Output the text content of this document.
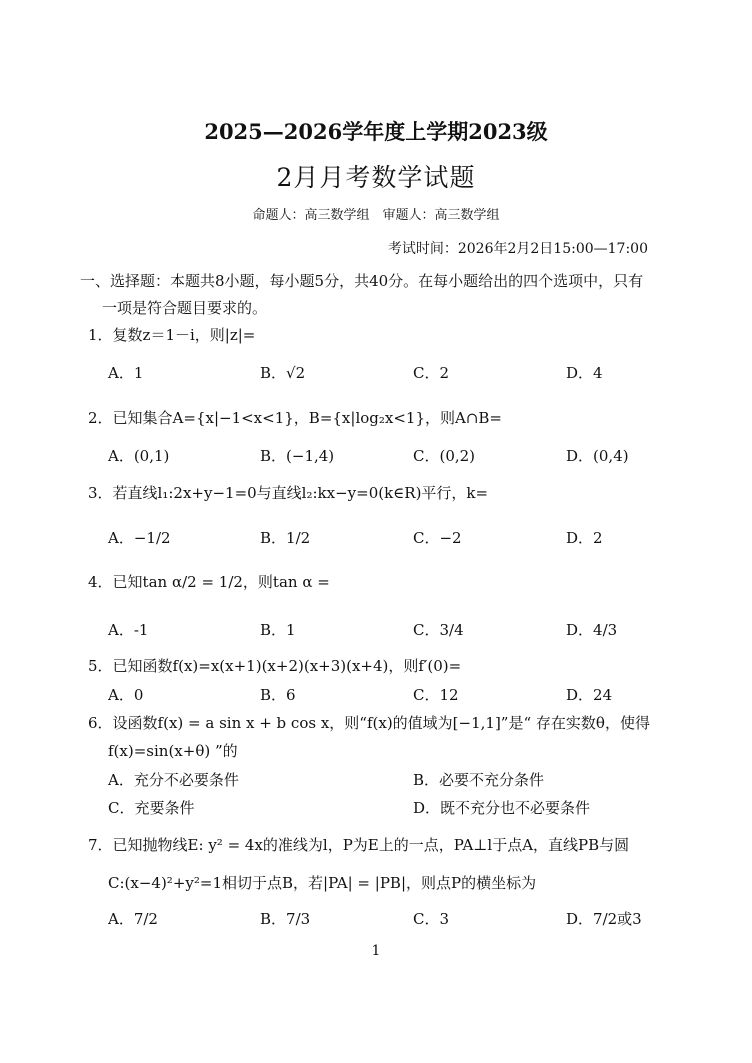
2025—2026学年度上学期2023级
2月月考数学试题
命题人：高三数学组　审题人：高三数学组
考试时间：2026年2月2日15:00—17:00
一、选择题：本题共8小题，每小题5分，共40分。在每小题给出的四个选项中，只有
一项是符合题目要求的。
1．复数z＝1－i，则|z|=
A．1	B．√2	C．2	D．4
2．已知集合A={x|−1<x<1}，B={x|log₂x<1}，则A∩B=
A．(0,1)	B．(−1,4)	C．(0,2)	D．(0,4)
3．若直线l₁:2x+y−1=0与直线l₂:kx−y=0(k∈R)平行，k=
A．−1/2	B．1/2	C．−2	D．2
4．已知tan α/2 = 1/2，则tan α =
A．-1	B．1	C．3/4	D．4/3
5．已知函数f(x)=x(x+1)(x+2)(x+3)(x+4)，则f′(0)=
A．0	B．6	C．12	D．24
6．设函数f(x) = a sin x + b cos x，则“f(x)的值域为[−1,1]”是“ 存在实数θ，使得
f(x)=sin(x+θ) ”的
A．充分不必要条件	B．必要不充分条件
C．充要条件	D．既不充分也不必要条件
7．已知抛物线E: y² = 4x的准线为l，P为E上的一点，PA⊥l于点A，直线PB与圆
C:(x−4)²+y²=1相切于点B，若|PA| = |PB|，则点P的横坐标为
A．7/2	B．7/3	C．3	D．7/2或3
1
